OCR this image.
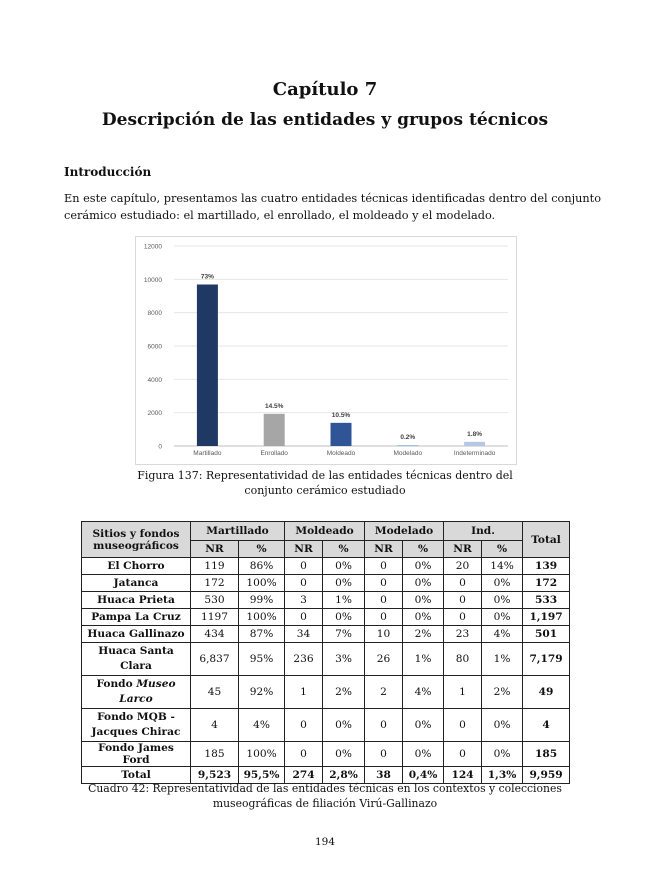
Capítulo 7
Descripción de las entidades y grupos técnicos
Introducción
En este capítulo, presentamos las cuatro entidades técnicas identificadas dentro del conjunto cerámico estudiado: el martillado, el enrollado, el moldeado y el modelado.
0
2000
4000
6000
8000
10000
12000
73%
Martillado
14.5%
Enrollado
10.5%
Moldeado
0.2%
Modelado
1.8%
Indeterminado
Figura 137: Representatividad de las entidades técnicas dentro del conjunto cerámico estudiado
Sitios y fondos
museográficos	Martillado		Moldeado		Modelado		Ind.		Total
	NR	%	NR	%	NR	%	NR	%	
El Chorro	119	86%	0	0%	0	0%	20	14%	139
Jatanca	172	100%	0	0%	0	0%	0	0%	172
Huaca Prieta	530	99%	3	1%	0	0%	0	0%	533
Pampa La Cruz	1197	100%	0	0%	0	0%	0	0%	1,197
Huaca Gallinazo	434	87%	34	7%	10	2%	23	4%	501
Huaca Santa
Clara	6,837	95%	236	3%	26	1%	80	1%	7,179
Fondo Museo
Larco	45	92%	1	2%	2	4%	1	2%	49
Fondo MQB -
Jacques Chirac	4	4%	0	0%	0	0%	0	0%	4
Fondo James Ford	185	100%	0	0%	0	0%	0	0%	185
Total	9,523	95,5%	274	2,8%	38	0,4%	124	1,3%	9,959
Cuadro 42: Representatividad de las entidades técnicas en los contextos y colecciones museográficas de filiación Virú-Gallinazo
194
